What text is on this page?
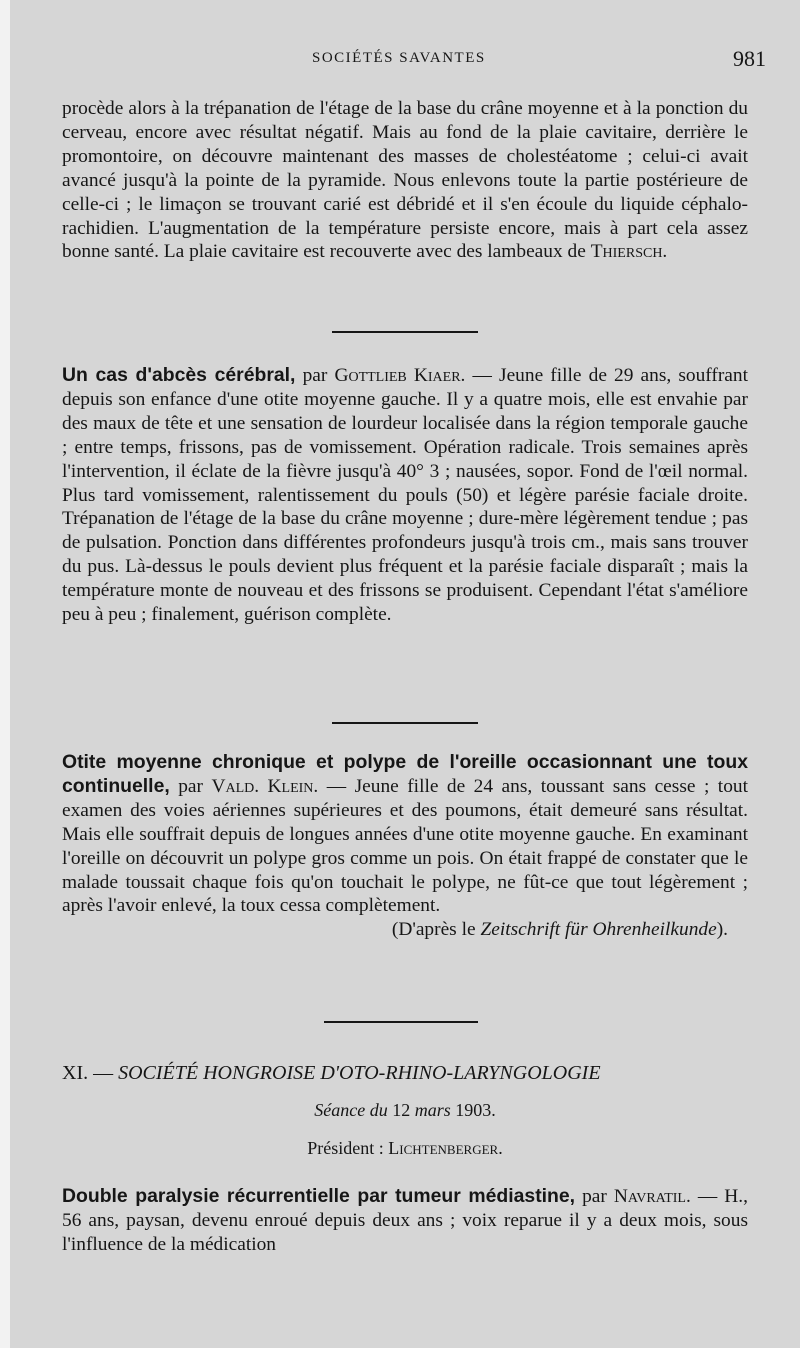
SOCIÉTÉS SAVANTES	981

procède alors à la trépanation de l'étage de la base du crâne moyenne et à la ponction du cerveau, encore avec résultat négatif. Mais au fond de la plaie cavitaire, derrière le promontoire, on découvre maintenant des masses de cholestéatome ; celui-ci avait avancé jusqu'à la pointe de la pyramide. Nous enlevons toute la partie postérieure de celle-ci ; le limaçon se trouvant carié est débridé et il s'en écoule du liquide céphalo-rachidien. L'augmentation de la température persiste encore, mais à part cela assez bonne santé. La plaie cavitaire est recouverte avec des lambeaux de Thiersch.

Un cas d'abcès cérébral, par Gottlieb Kiaer. — Jeune fille de 29 ans, souffrant depuis son enfance d'une otite moyenne gauche. Il y a quatre mois, elle est envahie par des maux de tête et une sensation de lourdeur localisée dans la région temporale gauche ; entre temps, frissons, pas de vomissement. Opération radicale. Trois semaines après l'intervention, il éclate de la fièvre jusqu'à 40° 3 ; nausées, sopor. Fond de l'œil normal. Plus tard vomissement, ralentissement du pouls (50) et légère parésie faciale droite. Trépanation de l'étage de la base du crâne moyenne ; dure-mère légèrement tendue ; pas de pulsation. Ponction dans différentes profondeurs jusqu'à trois cm., mais sans trouver du pus. Là-dessus le pouls devient plus fréquent et la parésie faciale disparaît ; mais la température monte de nouveau et des frissons se produisent. Cependant l'état s'améliore peu à peu ; finalement, guérison complète.

Otite moyenne chronique et polype de l'oreille occasionnant une toux continuelle, par Vald. Klein. — Jeune fille de 24 ans, toussant sans cesse ; tout examen des voies aériennes supérieures et des poumons, était demeuré sans résultat. Mais elle souffrait depuis de longues années d'une otite moyenne gauche. En examinant l'oreille on découvrit un polype gros comme un pois. On était frappé de constater que le malade toussait chaque fois qu'on touchait le polype, ne fût-ce que tout légèrement ; après l'avoir enlevé, la toux cessa complètement.

(D'après le Zeitschrift für Ohrenheilkunde).

XI. — SOCIÉTÉ HONGROISE D'OTO-RHINO-LARYNGOLOGIE

Séance du 12 mars 1903.

Président : Lichtenberger.

Double paralysie récurrentielle par tumeur médiastine, par Navratil. — H., 56 ans, paysan, devenu enroué depuis deux ans ; voix reparue il y a deux mois, sous l'influence de la médication
